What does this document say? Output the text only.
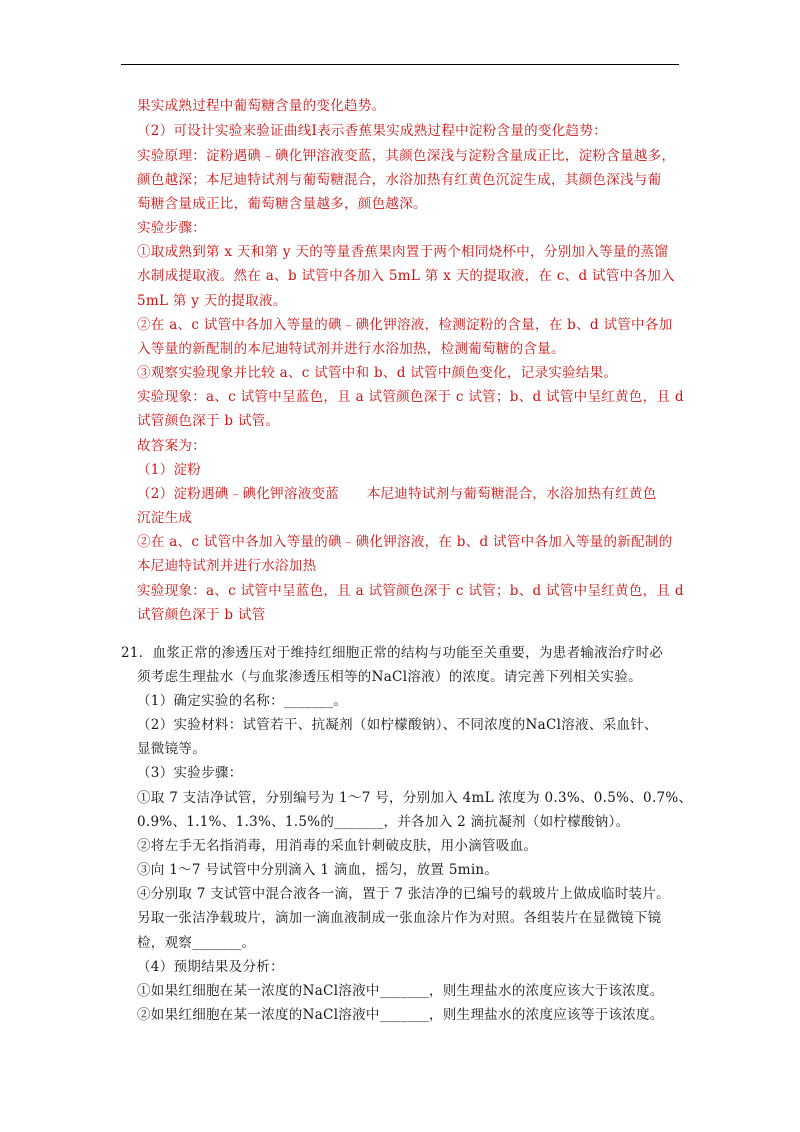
果实成熟过程中葡萄糖含量的变化趋势。
（2）可设计实验来验证曲线Ⅰ表示香蕉果实成熟过程中淀粉含量的变化趋势：
实验原理：淀粉遇碘﹣碘化钾溶液变蓝，其颜色深浅与淀粉含量成正比，淀粉含量越多，
颜色越深；本尼迪特试剂与葡萄糖混合，水浴加热有红黄色沉淀生成，其颜色深浅与葡
萄糖含量成正比，葡萄糖含量越多，颜色越深。
实验步骤：
①取成熟到第 x 天和第 y 天的等量香蕉果肉置于两个相同烧杯中，分别加入等量的蒸馏
水制成提取液。然在 a、b 试管中各加入 5mL 第 x 天的提取液，在 c、d 试管中各加入
5mL 第 y 天的提取液。
②在 a、c 试管中各加入等量的碘﹣碘化钾溶液，检测淀粉的含量，在 b、d 试管中各加
入等量的新配制的本尼迪特试剂并进行水浴加热，检测葡萄糖的含量。
③观察实验现象并比较 a、c 试管中和 b、d 试管中颜色变化，记录实验结果。
实验现象：a、c 试管中呈蓝色，且 a 试管颜色深于 c 试管；b、d 试管中呈红黄色，且 d
试管颜色深于 b 试管。
故答案为：
（1）淀粉
（2）淀粉遇碘﹣碘化钾溶液变蓝　　本尼迪特试剂与葡萄糖混合，水浴加热有红黄色
沉淀生成
②在 a、c 试管中各加入等量的碘﹣碘化钾溶液，在 b、d 试管中各加入等量的新配制的
本尼迪特试剂并进行水浴加热
实验现象：a、c 试管中呈蓝色，且 a 试管颜色深于 c 试管；b、d 试管中呈红黄色，且 d
试管颜色深于 b 试管
21．血浆正常的渗透压对于维持红细胞正常的结构与功能至关重要，为患者输液治疗时必
须考虑生理盐水（与血浆渗透压相等的NaCl溶液）的浓度。请完善下列相关实验。
（1）确定实验的名称：_______。
（2）实验材料：试管若干、抗凝剂（如柠檬酸钠）、不同浓度的NaCl溶液、采血针、
显微镜等。
（3）实验步骤：
①取 7 支洁净试管，分别编号为 1～7 号，分别加入 4mL 浓度为 0.3%、0.5%、0.7%、
0.9%、1.1%、1.3%、1.5%的_______，并各加入 2 滴抗凝剂（如柠檬酸钠）。
②将左手无名指消毒，用消毒的采血针刺破皮肤，用小滴管吸血。
③向 1～7 号试管中分别滴入 1 滴血，摇匀，放置 5min。
④分别取 7 支试管中混合液各一滴，置于 7 张洁净的已编号的载玻片上做成临时装片。
另取一张洁净载玻片，滴加一滴血液制成一张血涂片作为对照。各组装片在显微镜下镜
检，观察_______。
（4）预期结果及分析：
①如果红细胞在某一浓度的NaCl溶液中_______，则生理盐水的浓度应该大于该浓度。
②如果红细胞在某一浓度的NaCl溶液中_______，则生理盐水的浓度应该等于该浓度。
